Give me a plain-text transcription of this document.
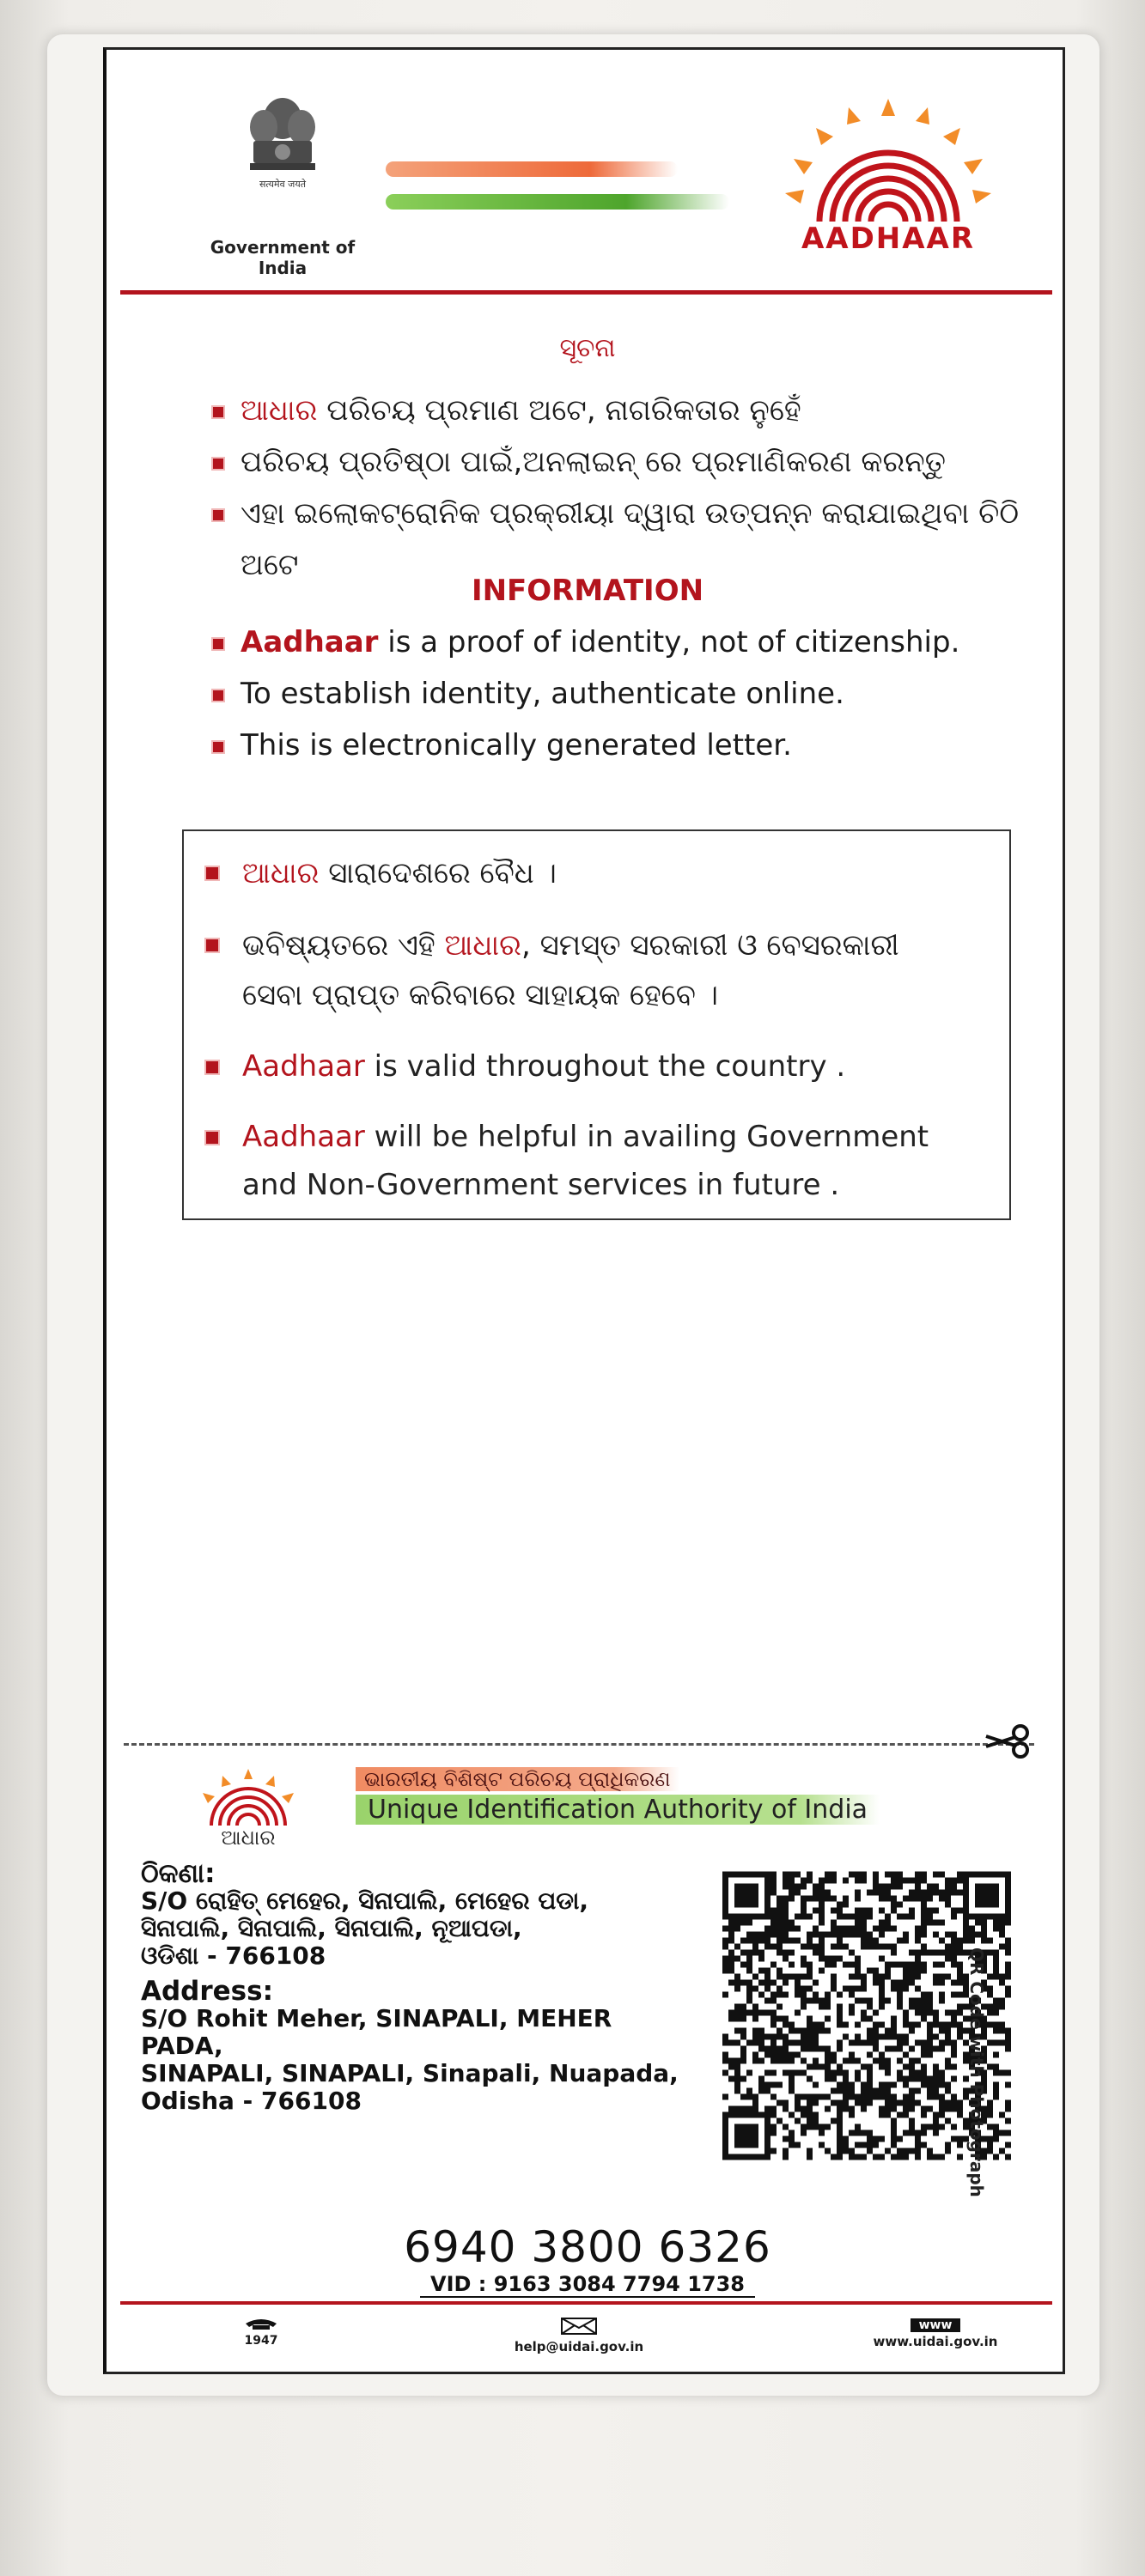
सत्यमेव जयते
Government of India
AADHAAR
ସୂଚନା
ଆଧାର ପରିଚୟ ପ୍ରମାଣ ଅଟେ, ନାଗରିକତାର ନୁହେଁ
ପରିଚୟ ପ୍ରତିଷ୍ଠା ପାଇଁ,ଅନଲାଇନ୍ ରେ ପ୍ରମାଣିକରଣ କରନ୍ତୁ
ଏହା ଇଲୋକଟ୍ରୋନିକ ପ୍ରକ୍ରୀୟା ଦ୍ୱାରା ଉତ୍ପନ୍ନ କରାଯାଇଥିବା ଚିଠି ଅଟେ
INFORMATION
Aadhaar is a proof of identity, not of citizenship.
To establish identity, authenticate online.
This is electronically generated letter.
ଆଧାର ସାରାଦେଶରେ ବୈଧ ।
ଭବିଷ୍ୟତରେ ଏହି ଆଧାର, ସମସ୍ତ ସରକାରୀ ଓ ବେସରକାରୀ
ସେବା ପ୍ରାପ୍ତ କରିବାରେ ସାହାୟକ ହେବେ ।
Aadhaar is valid throughout the country .
Aadhaar will be helpful in availing Government
and Non-Government services in future .
ଆଧାର
ଭାରତୀୟ ବିଶିଷ୍ଟ ପରିଚୟ ପ୍ରାଧିକରଣ
Unique Identification Authority of India
ଠିକଣା:
S/O ରୋହିତ୍ ମେହେର, ସିନାପାଲି, ମେହେର ପଡା,
ସିନାପାଲି, ସିନାପାଲି, ସିନାପାଲି, ନୂଆପଡା,
ଓଡିଶା - 766108
Address:
S/O Rohit Meher, SINAPALI, MEHER PADA,
SINAPALI, SINAPALI, Sinapali, Nuapada,
Odisha - 766108	QR Code with Photograph
6940 3800 6326
VID : 9163 3084 7794 1738
1947	help@uidai.gov.in
www
www.uidai.gov.in
